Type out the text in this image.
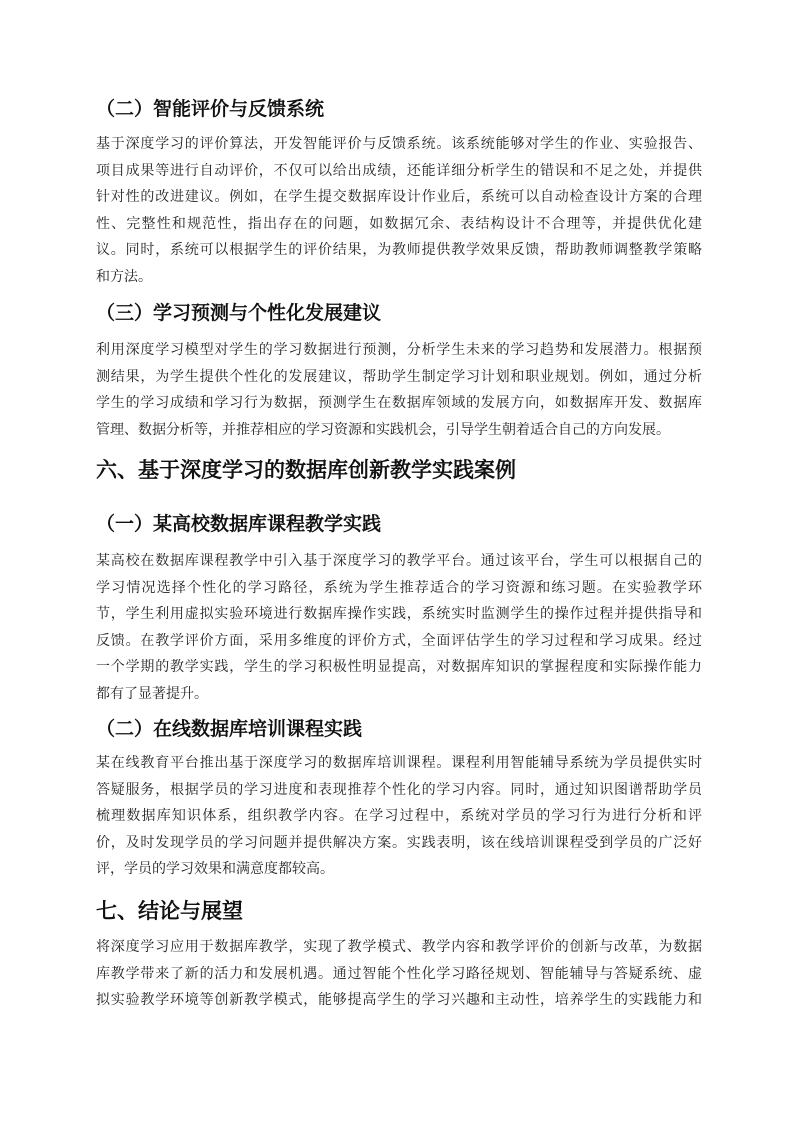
（二）智能评价与反馈系统
基于深度学习的评价算法，开发智能评价与反馈系统。该系统能够对学生的作业、实验报告、
项目成果等进行自动评价，不仅可以给出成绩，还能详细分析学生的错误和不足之处，并提供
针对性的改进建议。例如，在学生提交数据库设计作业后，系统可以自动检查设计方案的合理
性、完整性和规范性，指出存在的问题，如数据冗余、表结构设计不合理等，并提供优化建
议。同时，系统可以根据学生的评价结果，为教师提供教学效果反馈，帮助教师调整教学策略
和方法。
（三）学习预测与个性化发展建议
利用深度学习模型对学生的学习数据进行预测，分析学生未来的学习趋势和发展潜力。根据预
测结果，为学生提供个性化的发展建议，帮助学生制定学习计划和职业规划。例如，通过分析
学生的学习成绩和学习行为数据，预测学生在数据库领域的发展方向，如数据库开发、数据库
管理、数据分析等，并推荐相应的学习资源和实践机会，引导学生朝着适合自己的方向发展。
六、基于深度学习的数据库创新教学实践案例
（一）某高校数据库课程教学实践
某高校在数据库课程教学中引入基于深度学习的教学平台。通过该平台，学生可以根据自己的
学习情况选择个性化的学习路径，系统为学生推荐适合的学习资源和练习题。在实验教学环
节，学生利用虚拟实验环境进行数据库操作实践，系统实时监测学生的操作过程并提供指导和
反馈。在教学评价方面，采用多维度的评价方式，全面评估学生的学习过程和学习成果。经过
一个学期的教学实践，学生的学习积极性明显提高，对数据库知识的掌握程度和实际操作能力
都有了显著提升。
（二）在线数据库培训课程实践
某在线教育平台推出基于深度学习的数据库培训课程。课程利用智能辅导系统为学员提供实时
答疑服务，根据学员的学习进度和表现推荐个性化的学习内容。同时，通过知识图谱帮助学员
梳理数据库知识体系，组织教学内容。在学习过程中，系统对学员的学习行为进行分析和评
价，及时发现学员的学习问题并提供解决方案。实践表明，该在线培训课程受到学员的广泛好
评，学员的学习效果和满意度都较高。
七、结论与展望
将深度学习应用于数据库教学，实现了教学模式、教学内容和教学评价的创新与改革，为数据
库教学带来了新的活力和发展机遇。通过智能个性化学习路径规划、智能辅导与答疑系统、虚
拟实验教学环境等创新教学模式，能够提高学生的学习兴趣和主动性，培养学生的实践能力和
